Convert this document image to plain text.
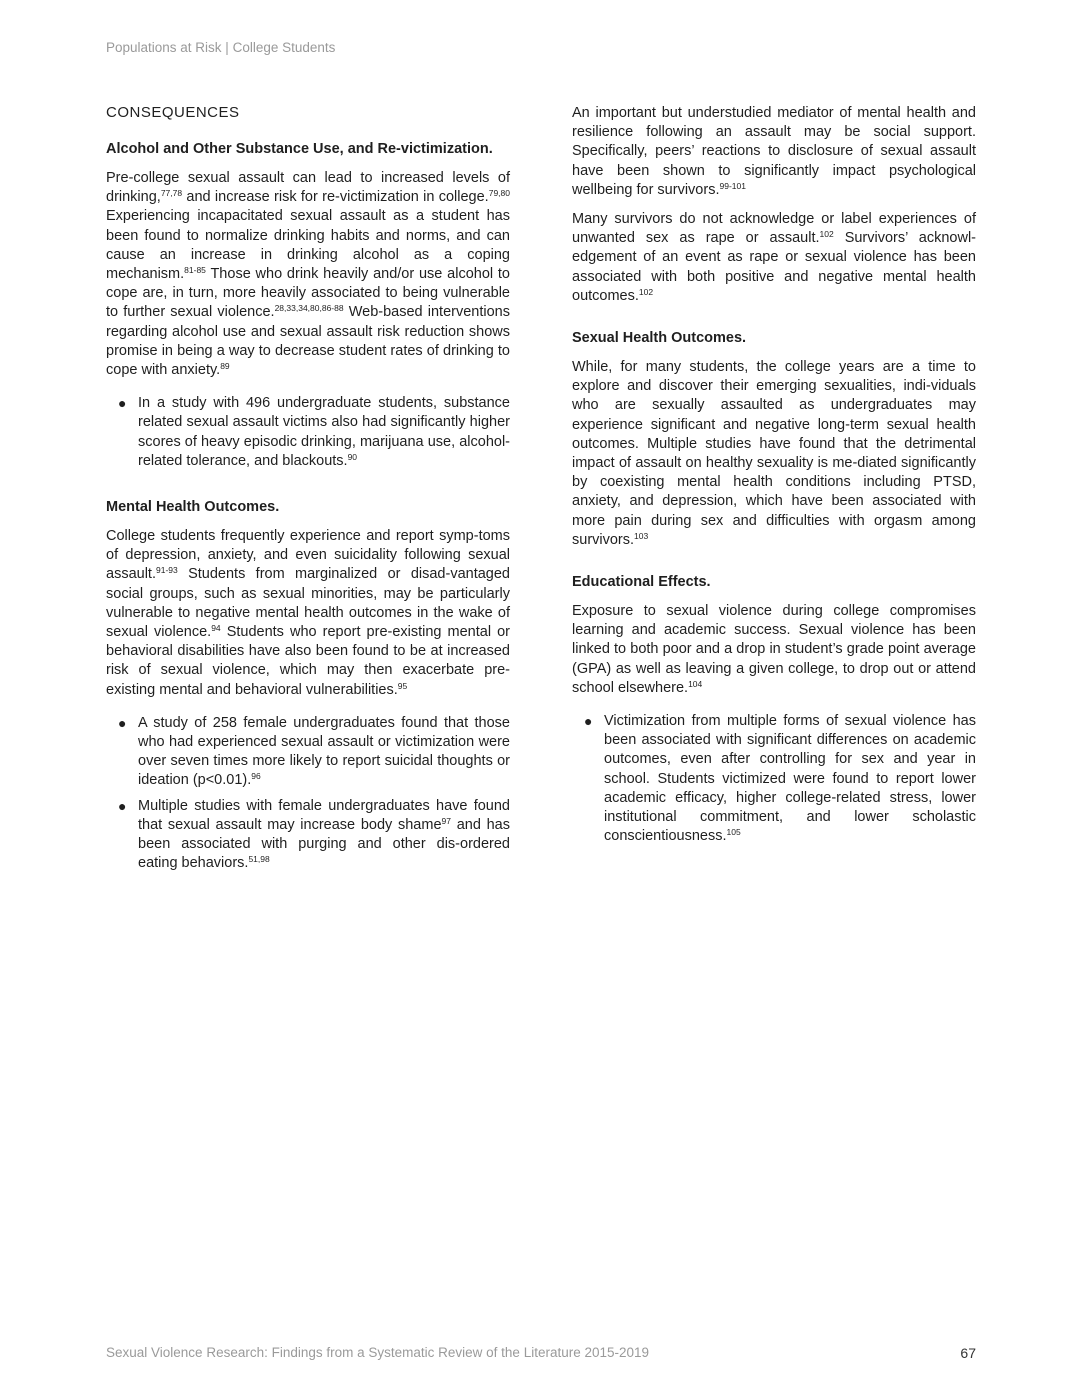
Populations at Risk | College Students
CONSEQUENCES
Alcohol and Other Substance Use, and Re-victimization.

Pre-college sexual assault can lead to increased levels of drinking,$^{77,78}$ and increase risk for re-victimization in college.$^{79,80}$ Experiencing incapacitated sexual assault as a student has been found to normalize drinking habits and norms, and can cause an increase in drinking alcohol as a coping mechanism.$^{81-85}$ Those who drink heavily and/or use alcohol to cope are, in turn, more heavily associated to being vulnerable to further sexual violence.$^{28,33,34,80,86-88}$ Web-based interventions regarding alcohol use and sexual assault risk reduction shows promise in being a way to decrease student rates of drinking to cope with anxiety.$^{89}$

● In a study with 496 undergraduate students, substance related sexual assault victims also had significantly higher scores of heavy episodic drinking, marijuana use, alcohol-related tolerance, and blackouts.$^{90}$
Mental Health Outcomes.

College students frequently experience and report symp-toms of depression, anxiety, and even suicidality following sexual assault.$^{91-93}$ Students from marginalized or disad-vantaged social groups, such as sexual minorities, may be particularly vulnerable to negative mental health outcomes in the wake of sexual violence.$^{94}$ Students who report pre-existing mental or behavioral disabilities have also been found to be at increased risk of sexual violence, which may then exacerbate pre-existing mental and behavioral vulnerabilities.$^{95}$

● A study of 258 female undergraduates found that those who had experienced sexual assault or victimization were over seven times more likely to report suicidal thoughts or ideation (p<0.01).$^{96}$
● Multiple studies with female undergraduates have found that sexual assault may increase body shame$^{97}$ and has been associated with purging and other dis-ordered eating behaviors.$^{51,98}$

An important but understudied mediator of mental health and resilience following an assault may be social support. Specifically, peers’ reactions to disclosure of sexual assault have been shown to significantly impact psychological wellbeing for survivors.$^{99-101}$

Many survivors do not acknowledge or label experiences of unwanted sex as rape or assault.$^{102}$ Survivors’ acknowl-edgement of an event as rape or sexual violence has been associated with both positive and negative mental health outcomes.$^{102}$

Sexual Health Outcomes.

While, for many students, the college years are a time to explore and discover their emerging sexualities, indi-viduals who are sexually assaulted as undergraduates may experience significant and negative long-term sexual health outcomes. Multiple studies have found that the detrimental impact of assault on healthy sexuality is me-diated significantly by coexisting mental health conditions including PTSD, anxiety, and depression, which have been associated with more pain during sex and difficulties with orgasm among survivors.$^{103}$

Educational Effects.

Exposure to sexual violence during college compromises learning and academic success. Sexual violence has been linked to both poor and a drop in student’s grade point average (GPA) as well as leaving a given college, to drop out or attend school elsewhere.$^{104}$

● Victimization from multiple forms of sexual violence has been associated with significant differences on academic outcomes, even after controlling for sex and year in school. Students victimized were found to report lower academic efficacy, higher college-related stress, lower institutional commitment, and lower scholastic conscientiousness.$^{105}$
Sexual Violence Research: Findings from a Systematic Review of the Literature 2015-2019	67
